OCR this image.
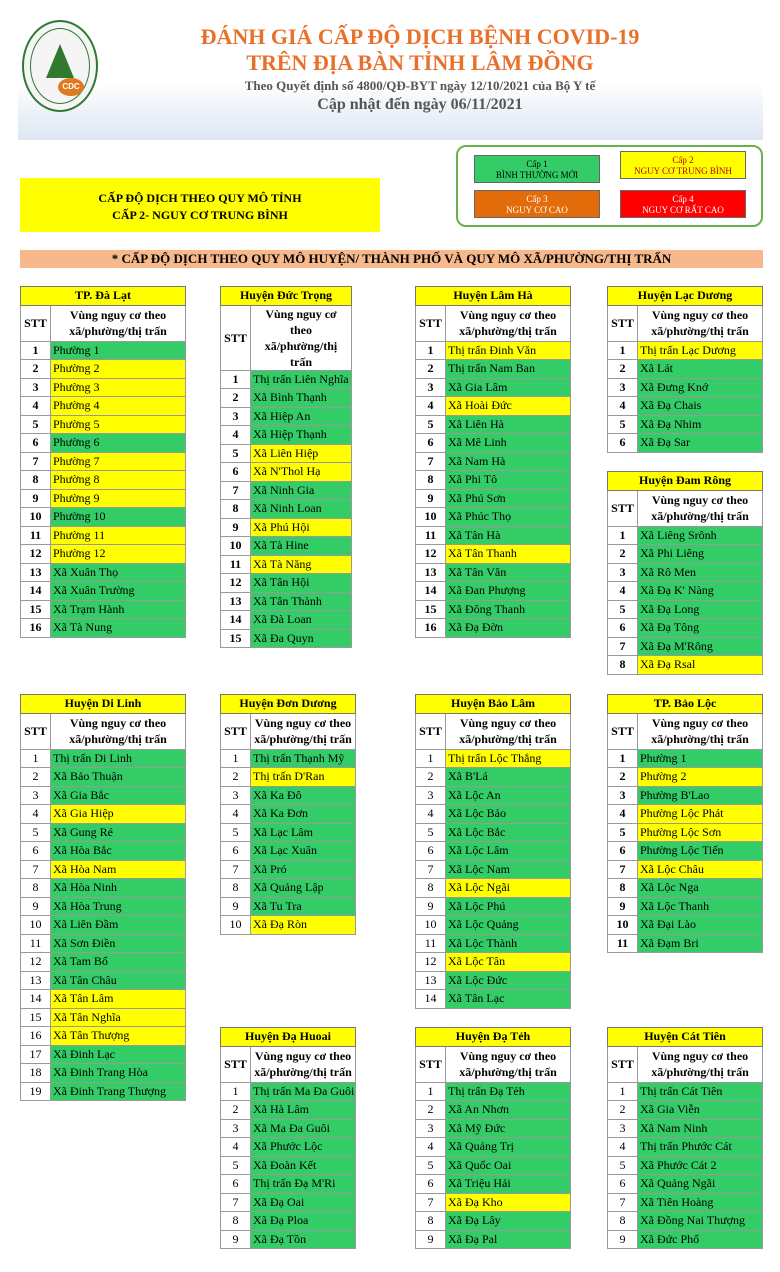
CDC
ĐÁNH GIÁ CẤP ĐỘ DỊCH BỆNH COVID-19
TRÊN ĐỊA BÀN TỈNH LÂM ĐỒNG
Theo Quyết định số 4800/QĐ-BYT ngày 12/10/2021 của Bộ Y tế
Cập nhật đến ngày 06/11/2021
CẤP ĐỘ DỊCH THEO QUY MÔ TỈNH
CẤP 2- NGUY CƠ TRUNG BÌNH
Cấp 1
BÌNH THƯỜNG MỚI
Cấp 2
NGUY CƠ TRUNG BÌNH
Cấp 3
NGUY CƠ CAO
Cấp 4
NGUY CƠ RẤT CAO
* CẤP ĐỘ DỊCH THEO QUY MÔ HUYỆN/ THÀNH PHỐ VÀ QUY MÔ XÃ/PHƯỜNG/THỊ TRẤN
TP. Đà Lạt	
STT	Vùng nguy cơ theo xã/phường/thị trấn
1	Phường 1
2	Phường 2
3	Phường 3
4	Phường 4
5	Phường 5
6	Phường 6
7	Phường 7
8	Phường 8
9	Phường 9
10	Phường 10
11	Phường 11
12	Phường 12
13	Xã Xuân Thọ
14	Xã Xuân Trường
15	Xã Trạm Hành
16	Xã Tà Nung
Huyện Đức Trọng	
STT	Vùng nguy cơ theo xã/phường/thị trấn
1	Thị trấn Liên Nghĩa
2	Xã Bình Thạnh
3	Xã Hiệp An
4	Xã Hiệp Thạnh
5	Xã Liên Hiệp
6	Xã N'Thol Hạ
7	Xã Ninh Gia
8	Xã Ninh Loan
9	Xã Phú Hội
10	Xã Tà Hine
11	Xã Tà Năng
12	Xã Tân Hội
13	Xã Tân Thành
14	Xã Đà Loan
15	Xã Đa Quyn
Huyện Lâm Hà	
STT	Vùng nguy cơ theo xã/phường/thị trấn
1	Thị trấn Đinh Văn
2	Thị trấn Nam Ban
3	Xã Gia Lâm
4	Xã Hoài Đức
5	Xã Liên Hà
6	Xã Mê Linh
7	Xã Nam Hà
8	Xã Phi Tô
9	Xã Phú Sơn
10	Xã Phúc Thọ
11	Xã Tân Hà
12	Xã Tân Thanh
13	Xã Tân Văn
14	Xã Đan Phượng
15	Xã Đông Thanh
16	Xã Đạ Đờn
Huyện Lạc Dương	
STT	Vùng nguy cơ theo xã/phường/thị trấn
1	Thị trấn Lạc Dương
2	Xã Lát
3	Xã Đưng Knớ
4	Xã Đạ Chais
5	Xã Đạ Nhim
6	Xã Đạ Sar
Huyện Đam Rông	
STT	Vùng nguy cơ theo xã/phường/thị trấn
1	Xã Liêng Srônh
2	Xã Phi Liêng
3	Xã Rô Men
4	Xã Đạ K' Nàng
5	Xã Đạ Long
6	Xã Đạ Tông
7	Xã Đạ M'Rông
8	Xã Đạ Rsal
Huyện Di Linh	
STT	Vùng nguy cơ theo xã/phường/thị trấn
1	Thị trấn Di Linh
2	Xã Bảo Thuận
3	Xã Gia Bắc
4	Xã Gia Hiệp
5	Xã Gung Ré
6	Xã Hòa Bắc
7	Xã Hòa Nam
8	Xã Hòa Ninh
9	Xã Hòa Trung
10	Xã Liên Đầm
11	Xã Sơn Điền
12	Xã Tam Bố
13	Xã Tân Châu
14	Xã Tân Lâm
15	Xã Tân Nghĩa
16	Xã Tân Thượng
17	Xã Đinh Lạc
18	Xã Đinh Trang Hòa
19	Xã Đinh Trang Thượng
Huyện Đơn Dương	
STT	Vùng nguy cơ theo xã/phường/thị trấn
1	Thị trấn Thạnh Mỹ
2	Thị trấn D'Ran
3	Xã Ka Đô
4	Xã Ka Đơn
5	Xã Lạc Lâm
6	Xã Lạc Xuân
7	Xã Pró
8	Xã Quảng Lập
9	Xã Tu Tra
10	Xã Đạ Ròn
Huyện Bảo Lâm	
STT	Vùng nguy cơ theo xã/phường/thị trấn
1	Thị trấn Lộc Thắng
2	Xã B'Lá
3	Xã Lộc An
4	Xã Lộc Bảo
5	Xã Lộc Bắc
6	Xã Lộc Lâm
7	Xã Lộc Nam
8	Xã Lộc Ngãi
9	Xã Lộc Phú
10	Xã Lộc Quảng
11	Xã Lộc Thành
12	Xã Lộc Tân
13	Xã Lộc Đức
14	Xã Tân Lạc
TP. Bảo Lộc	
STT	Vùng nguy cơ theo xã/phường/thị trấn
1	Phường 1
2	Phường 2
3	Phường B'Lao
4	Phường Lộc Phát
5	Phường Lộc Sơn
6	Phường Lộc Tiến
7	Xã Lộc Châu
8	Xã Lộc Nga
9	Xã Lộc Thanh
10	Xã Đại Lào
11	Xã Đạm Bri
Huyện Đạ Huoai	
STT	Vùng nguy cơ theo xã/phường/thị trấn
1	Thị trấn Ma Đa Guôi
2	Xã Hà Lâm
3	Xã Ma Đa Guôi
4	Xã Phước Lộc
5	Xã Đoàn Kết
6	Thị trấn Đạ M'Ri
7	Xã Đạ Oai
8	Xã Đạ Ploa
9	Xã Đạ Tồn
Huyện Đạ Tẻh	
STT	Vùng nguy cơ theo xã/phường/thị trấn
1	Thị trấn Đạ Tẻh
2	Xã An Nhơn
3	Xã Mỹ Đức
4	Xã Quảng Trị
5	Xã Quốc Oai
6	Xã Triệu Hải
7	Xã Đạ Kho
8	Xã Đạ Lây
9	Xã Đạ Pal
Huyện Cát Tiên	
STT	Vùng nguy cơ theo xã/phường/thị trấn
1	Thị trấn Cát Tiên
2	Xã Gia Viễn
3	Xã Nam Ninh
4	Thị trấn Phước Cát
5	Xã Phước Cát 2
6	Xã Quảng Ngãi
7	Xã Tiên Hoàng
8	Xã Đồng Nai Thượng
9	Xã Đức Phổ
